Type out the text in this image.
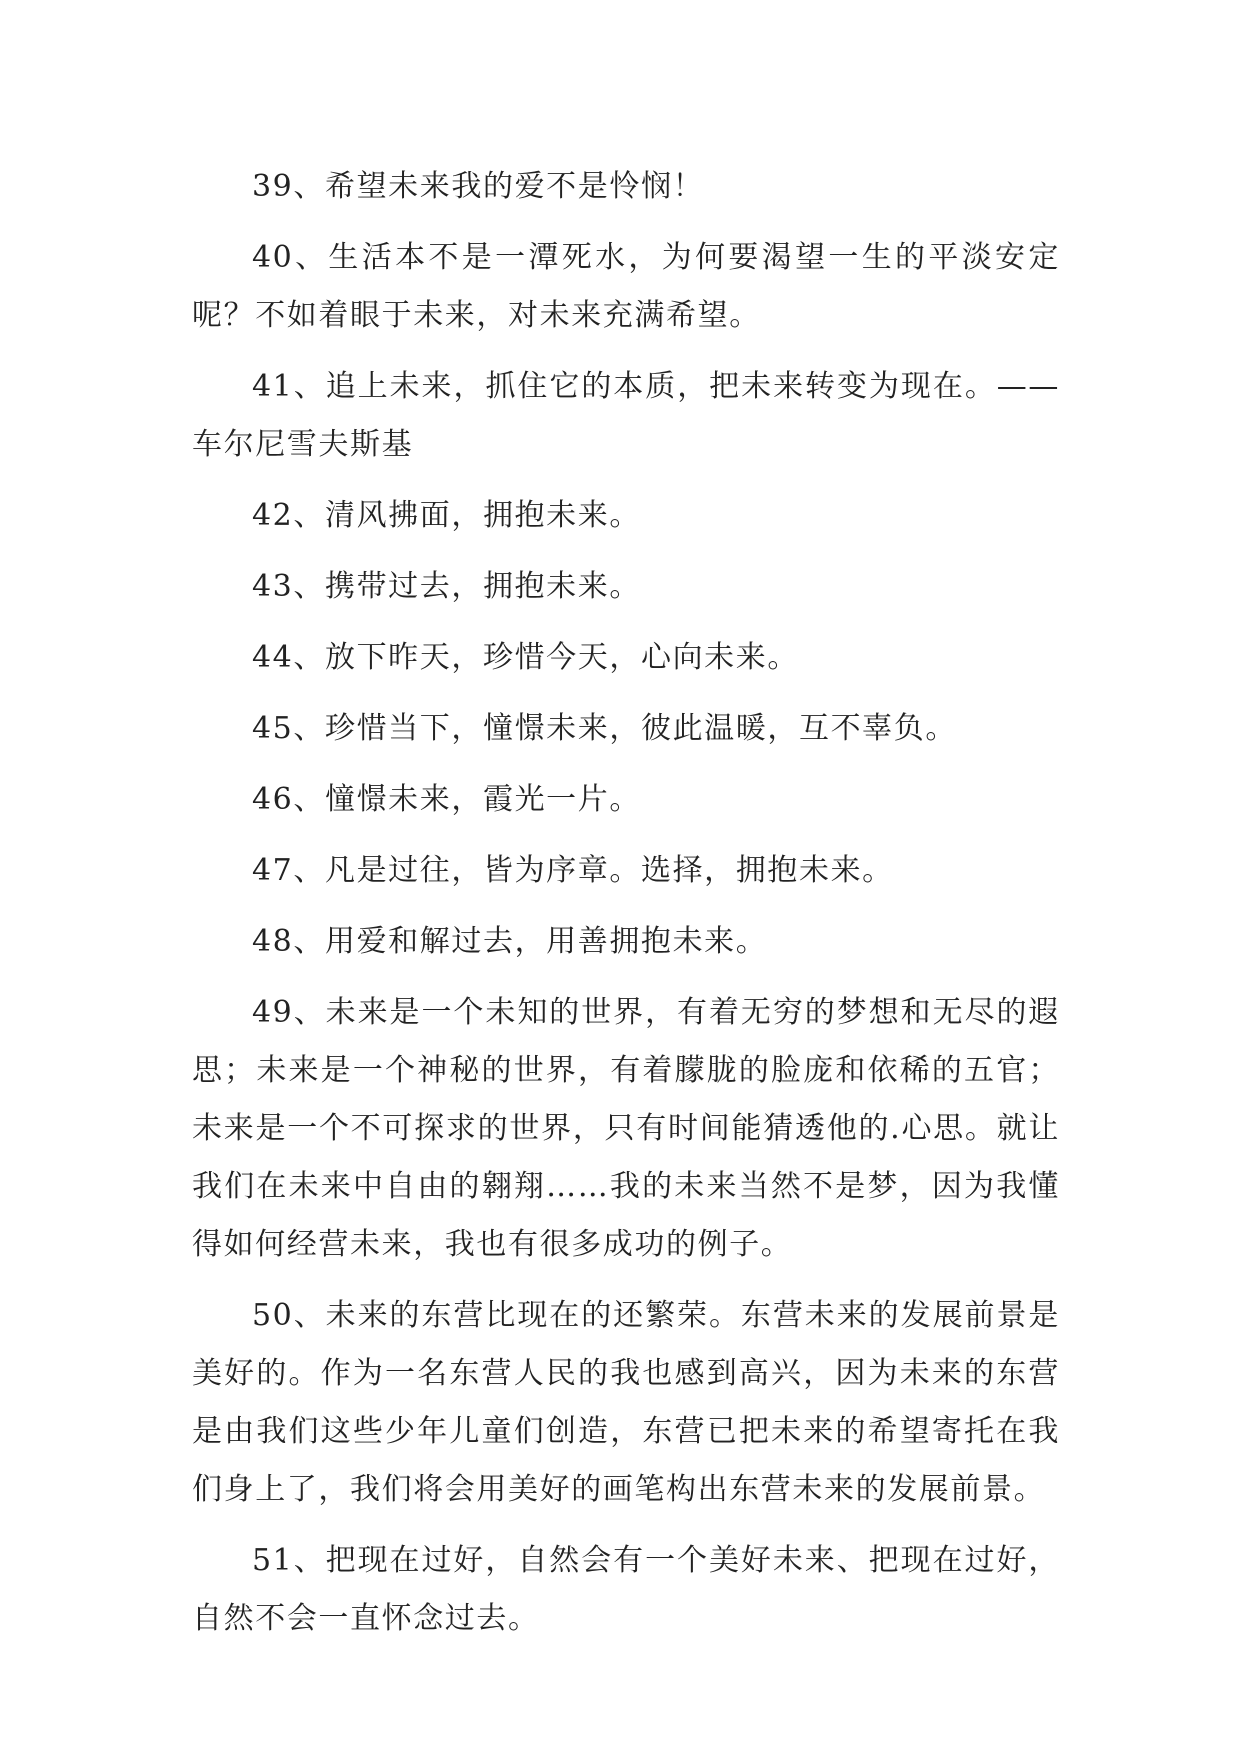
39、希望未来我的爱不是怜悯！

40、生活本不是一潭死水，为何要渴望一生的平淡安定呢？不如着眼于未来，对未来充满希望。

41、追上未来，抓住它的本质，把未来转变为现在。——车尔尼雪夫斯基

42、清风拂面，拥抱未来。

43、携带过去，拥抱未来。

44、放下昨天，珍惜今天，心向未来。

45、珍惜当下，憧憬未来，彼此温暖，互不辜负。

46、憧憬未来，霞光一片。

47、凡是过往，皆为序章。选择，拥抱未来。

48、用爱和解过去，用善拥抱未来。

49、未来是一个未知的世界，有着无穷的梦想和无尽的遐思；未来是一个神秘的世界，有着朦胧的脸庞和依稀的五官；未来是一个不可探求的世界，只有时间能猜透他的.心思。就让我们在未来中自由的翱翔……我的未来当然不是梦，因为我懂得如何经营未来，我也有很多成功的例子。

50、未来的东营比现在的还繁荣。东营未来的发展前景是美好的。作为一名东营人民的我也感到高兴，因为未来的东营是由我们这些少年儿童们创造，东营已把未来的希望寄托在我们身上了，我们将会用美好的画笔构出东营未来的发展前景。

51、把现在过好，自然会有一个美好未来、把现在过好，自然不会一直怀念过去。
